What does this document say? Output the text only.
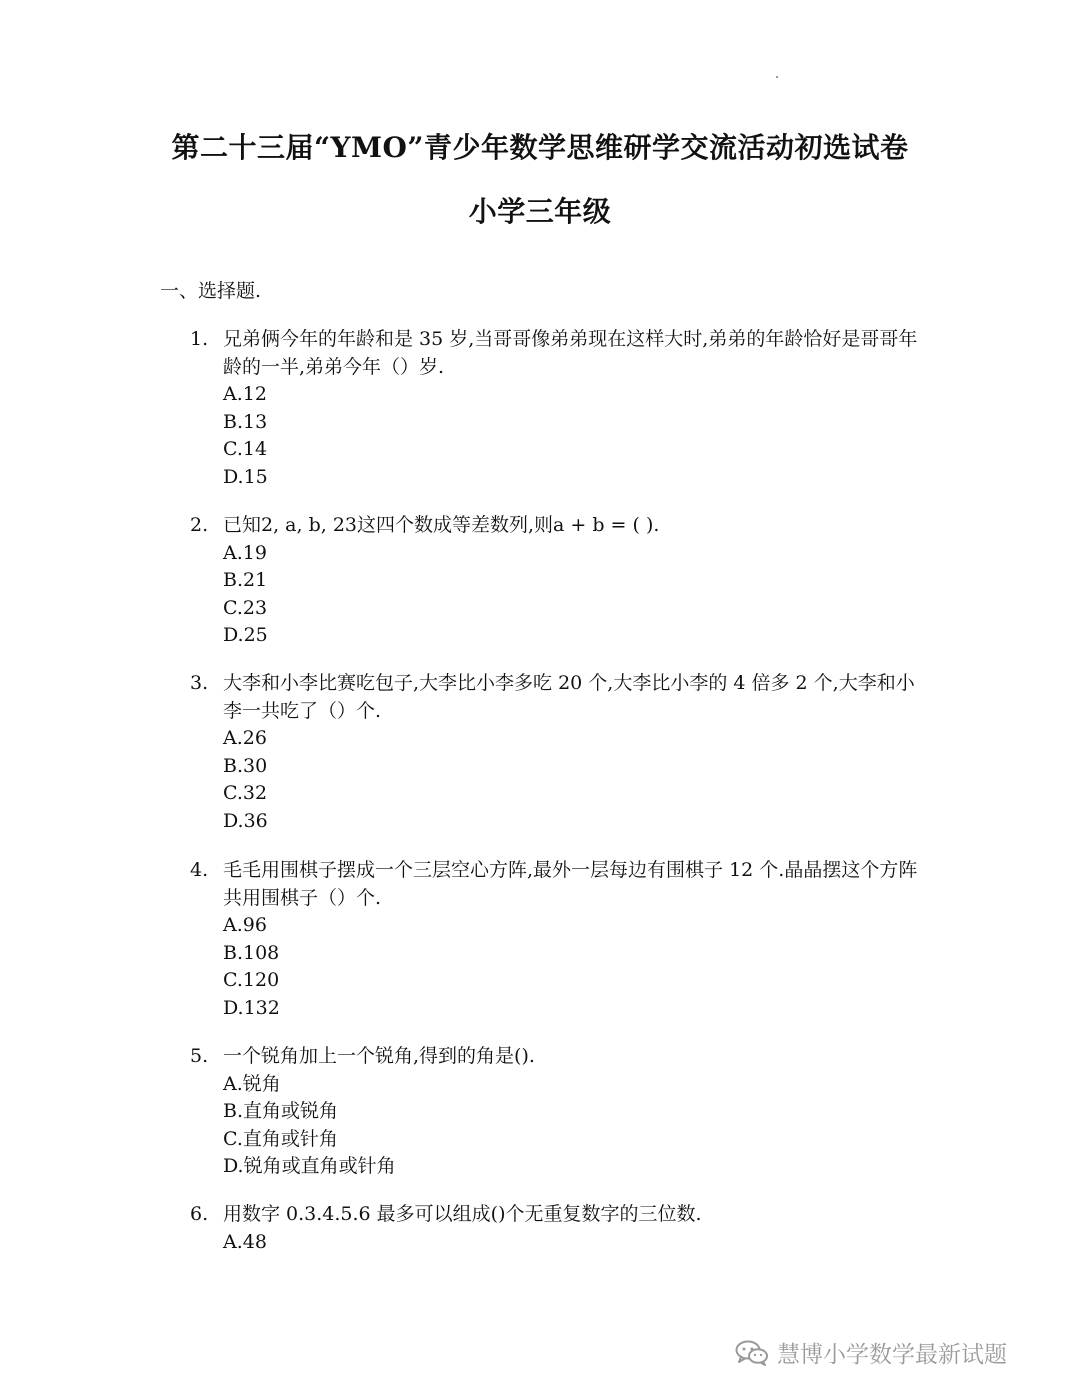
第二十三届“YMO”青少年数学思维研学交流活动初选试卷
小学三年级
一、选择题.
1. 兄弟俩今年的年龄和是 35 岁,当哥哥像弟弟现在这样大时,弟弟的年龄恰好是哥哥年龄的一半,弟弟今年（）岁.
A.12
B.13
C.14
D.15
2. 已知2, a, b, 23这四个数成等差数列,则a + b = ( ).
A.19
B.21
C.23
D.25
3. 大李和小李比赛吃包子,大李比小李多吃 20 个,大李比小李的 4 倍多 2 个,大李和小李一共吃了（）个.
A.26
B.30
C.32
D.36
4. 毛毛用围棋子摆成一个三层空心方阵,最外一层每边有围棋子 12 个.晶晶摆这个方阵共用围棋子（）个.
A.96
B.108
C.120
D.132
5. 一个锐角加上一个锐角,得到的角是().
A.锐角
B.直角或锐角
C.直角或针角
D.锐角或直角或针角
6. 用数字 0.3.4.5.6 最多可以组成()个无重复数字的三位数.
A.48
慧博小学数学最新试题
